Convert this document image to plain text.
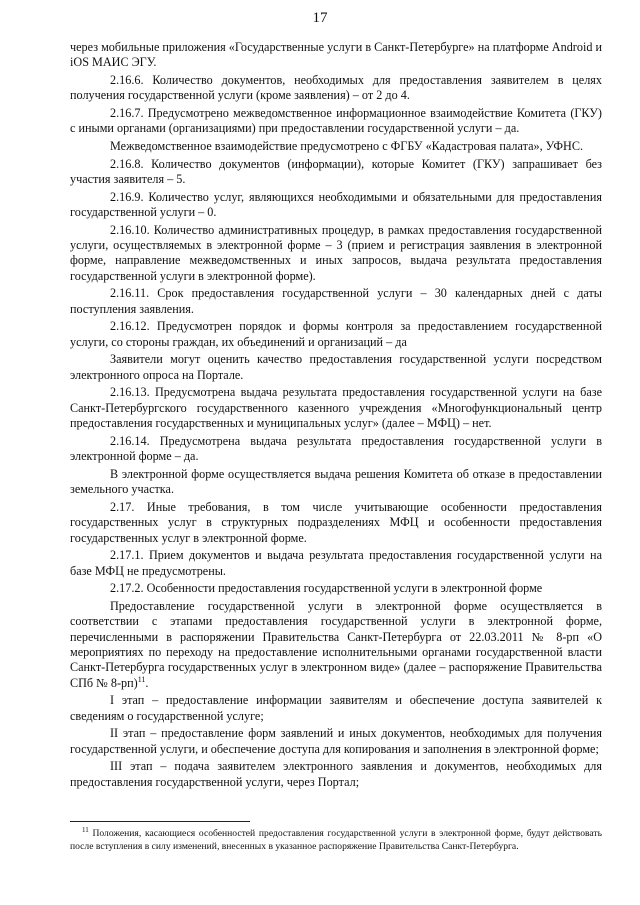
17

через мобильные приложения «Государственные услуги в Санкт-Петербурге» на платформе Android и iOS МАИС ЭГУ.

2.16.6. Количество документов, необходимых для предоставления заявителем в целях получения государственной услуги (кроме заявления) – от 2 до 4.

2.16.7. Предусмотрено межведомственное информационное взаимодействие Комитета (ГКУ) с иными органами (организациями) при предоставлении государственной услуги – да.

Межведомственное взаимодействие предусмотрено с ФГБУ «Кадастровая палата», УФНС.

2.16.8. Количество документов (информации), которые Комитет (ГКУ) запрашивает без участия заявителя – 5.

2.16.9. Количество услуг, являющихся необходимыми и обязательными для предоставления государственной услуги – 0.

2.16.10. Количество административных процедур, в рамках предоставления государственной услуги, осуществляемых в электронной форме – 3 (прием и регистрация заявления в электронной форме, направление межведомственных и иных запросов, выдача результата предоставления государственной услуги в электронной форме).

2.16.11. Срок предоставления государственной услуги – 30 календарных дней с даты поступления заявления.

2.16.12. Предусмотрен порядок и формы контроля за предоставлением государственной услуги, со стороны граждан, их объединений и организаций – да

Заявители могут оценить качество предоставления государственной услуги посредством электронного опроса на Портале.

2.16.13. Предусмотрена выдача результата предоставления государственной услуги на базе Санкт-Петербургского государственного казенного учреждения «Многофункциональный центр предоставления государственных и муниципальных услуг» (далее – МФЦ) – нет.

2.16.14. Предусмотрена выдача результата предоставления государственной услуги в электронной форме – да.

В электронной форме осуществляется выдача решения Комитета об отказе в предоставлении земельного участка.

2.17. Иные требования, в том числе учитывающие особенности предоставления государственных услуг в структурных подразделениях МФЦ и особенности предоставления государственных услуг в электронной форме.

2.17.1. Прием документов и выдача результата предоставления государственной услуги на базе МФЦ не предусмотрены.

2.17.2. Особенности предоставления государственной услуги в электронной форме

Предоставление государственной услуги в электронной форме осуществляется в соответствии с этапами предоставления государственной услуги в электронной форме, перечисленными в распоряжении Правительства Санкт-Петербурга от 22.03.2011 № 8-рп «О мероприятиях по переходу на предоставление исполнительными органами государственной власти Санкт-Петербурга государственных услуг в электронном виде» (далее – распоряжение Правительства СПб № 8-рп)$^{11}$.

I этап – предоставление информации заявителям и обеспечение доступа заявителей к сведениям о государственной услуге;

II этап – предоставление форм заявлений и иных документов, необходимых для получения государственной услуги, и обеспечение доступа для копирования и заполнения в электронной форме;

III этап – подача заявителем электронного заявления и документов, необходимых для предоставления государственной услуги, через Портал;

$^{11}$ Положения, касающиеся особенностей предоставления государственной услуги в электронной форме, будут действовать после вступления в силу изменений, внесенных в указанное распоряжение Правительства Санкт-Петербурга.
